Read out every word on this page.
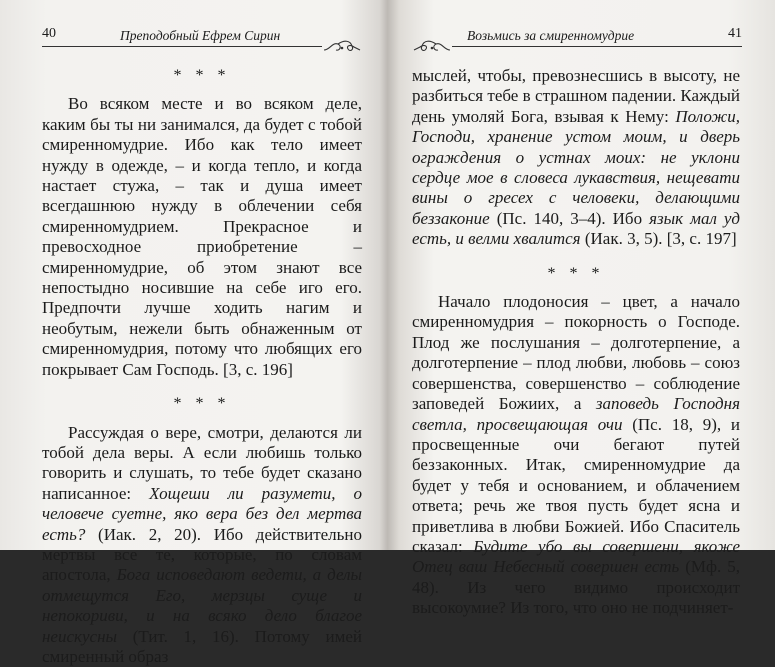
40	Преподобный Ефрем Сирин
* * *

Во всяком месте и во всяком деле, каким бы ты ни занимался, да будет с тобой смиренномудрие. Ибо как тело имеет нужду в одежде, – и когда тепло, и когда настает стужа, – так и душа имеет всегдашнюю нужду в облечении себя смиренномудрием. Прекрасное и превосходное приобретение – смиренномудрие, об этом знают все непостыдно носившие на себе иго его. Предпочти лучше ходить нагим и необутым, нежели быть обнаженным от смиренномудрия, потому что любящих его покрывает Сам Господь. [3, с. 196]

* * *

Рассуждая о вере, смотри, делаются ли тобой дела веры. А если любишь только говорить и слушать, то тебе будет сказано написанное: Хощеши ли разумети, о человече суетне, яко вера без дел мертва есть? (Иак. 2, 20). Ибо действительно мертвы все те, которые, по словам апостола, Бога исповедают ведети, а делы отмещутся Его, мерзцы суще и непокориви, и на всяко дело благое неискусны (Тит. 1, 16). Потому имей смиренный образ

Возьмись за смиренномудрие	41

мыслей, чтобы, превознесшись в высоту, не разбиться тебе в страшном падении. Каждый день умоляй Бога, взывая к Нему: Положи, Господи, хранение устом моим, и дверь ограждения о устнах моих: не уклони сердце мое в словеса лукавствия, нещевати вины о гресех с человеки, делающими беззаконие (Пс. 140, 3–4). Ибо язык мал уд есть, и велми хвалится (Иак. 3, 5). [3, с. 197]

* * *

Начало плодоносия – цвет, а начало смиренномудрия – покорность о Господе. Плод же послушания – долготерпение, а долготерпение – плод любви, любовь – союз совершенства, совершенство – соблюдение заповедей Божиих, а заповедь Господня светла, просвещающая очи (Пс. 18, 9), и просвещенные очи бегают путей беззаконных. Итак, смиренномудрие да будет у тебя и основанием, и облачением ответа; речь же твоя пусть будет ясна и приветлива в любви Божией. Ибо Спаситель сказал: Будите убо вы совершени, якоже Отец ваш Небесный совершен есть (Мф. 5, 48). Из чего видимо происходит высокоумие? Из того, что оно не подчиняет-
